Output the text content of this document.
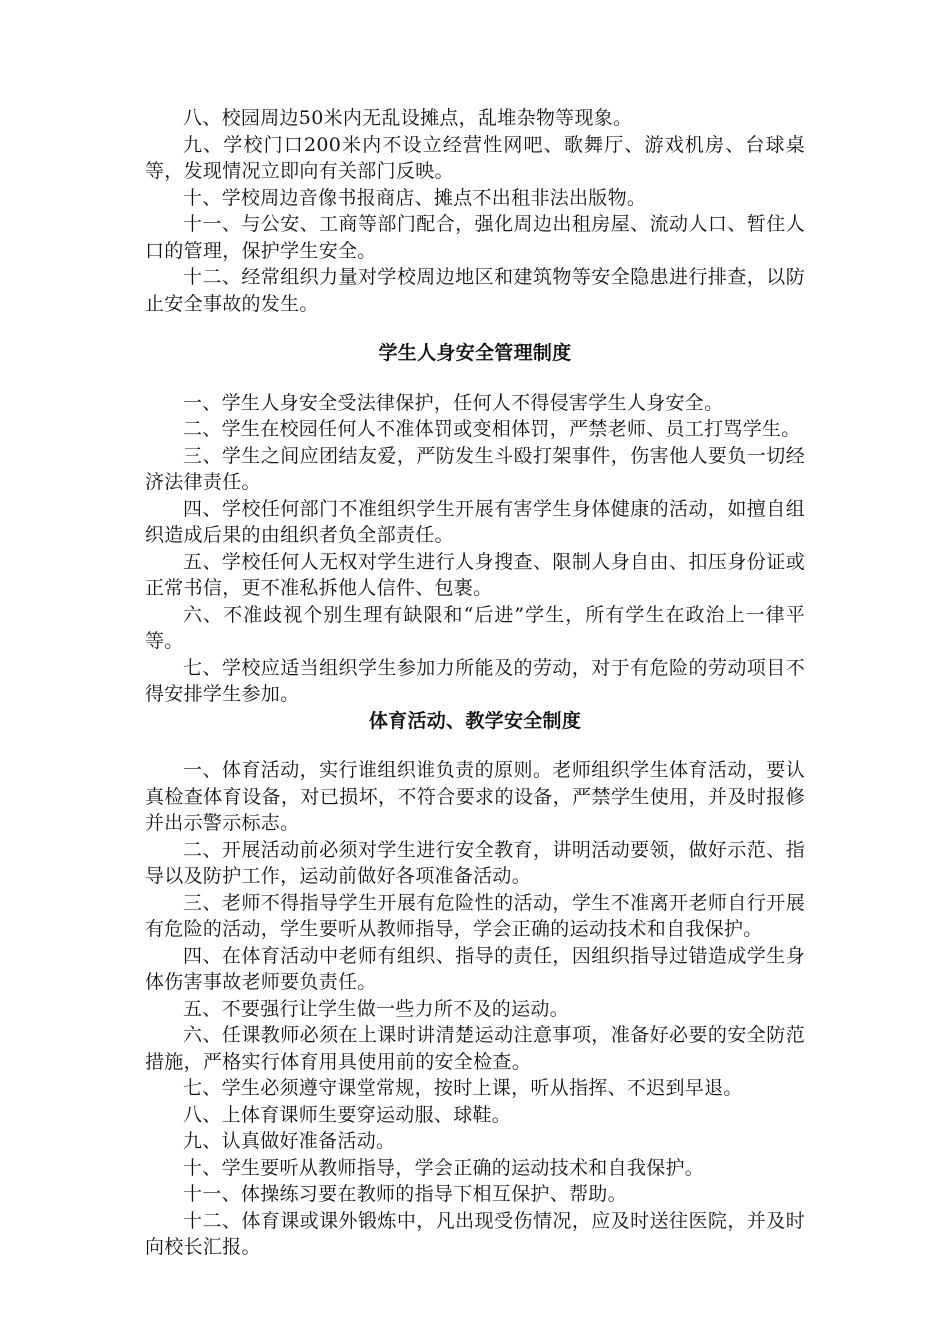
八、校园周边50米内无乱设摊点，乱堆杂物等现象。

九、学校门口200米内不设立经营性网吧、歌舞厅、游戏机房、台球桌等，发现情况立即向有关部门反映。

十、学校周边音像书报商店、摊点不出租非法出版物。

十一、与公安、工商等部门配合，强化周边出租房屋、流动人口、暂住人口的管理，保护学生安全。

十二、经常组织力量对学校周边地区和建筑物等安全隐患进行排查，以防止安全事故的发生。

学生人身安全管理制度

一、学生人身安全受法律保护，任何人不得侵害学生人身安全。

二、学生在校园任何人不准体罚或变相体罚，严禁老师、员工打骂学生。

三、学生之间应团结友爱，严防发生斗殴打架事件，伤害他人要负一切经济法律责任。

四、学校任何部门不准组织学生开展有害学生身体健康的活动，如擅自组织造成后果的由组织者负全部责任。

五、学校任何人无权对学生进行人身搜查、限制人身自由、扣压身份证或正常书信，更不准私拆他人信件、包裹。

六、不准歧视个别生理有缺限和“后进”学生，所有学生在政治上一律平等。

七、学校应适当组织学生参加力所能及的劳动，对于有危险的劳动项目不得安排学生参加。

体育活动、教学安全制度

一、体育活动，实行谁组织谁负责的原则。老师组织学生体育活动，要认真检查体育设备，对已损坏，不符合要求的设备，严禁学生使用，并及时报修并出示警示标志。

二、开展活动前必须对学生进行安全教育，讲明活动要领，做好示范、指导以及防护工作，运动前做好各项准备活动。

三、老师不得指导学生开展有危险性的活动，学生不准离开老师自行开展有危险的活动，学生要听从教师指导，学会正确的运动技术和自我保护。

四、在体育活动中老师有组织、指导的责任，因组织指导过错造成学生身体伤害事故老师要负责任。

五、不要强行让学生做一些力所不及的运动。

六、任课教师必须在上课时讲清楚运动注意事项，准备好必要的安全防范措施，严格实行体育用具使用前的安全检查。

七、学生必须遵守课堂常规，按时上课，听从指挥、不迟到早退。

八、上体育课师生要穿运动服、球鞋。

九、认真做好准备活动。

十、学生要听从教师指导，学会正确的运动技术和自我保护。

十一、体操练习要在教师的指导下相互保护、帮助。

十二、体育课或课外锻炼中，凡出现受伤情况，应及时送往医院，并及时向校长汇报。
